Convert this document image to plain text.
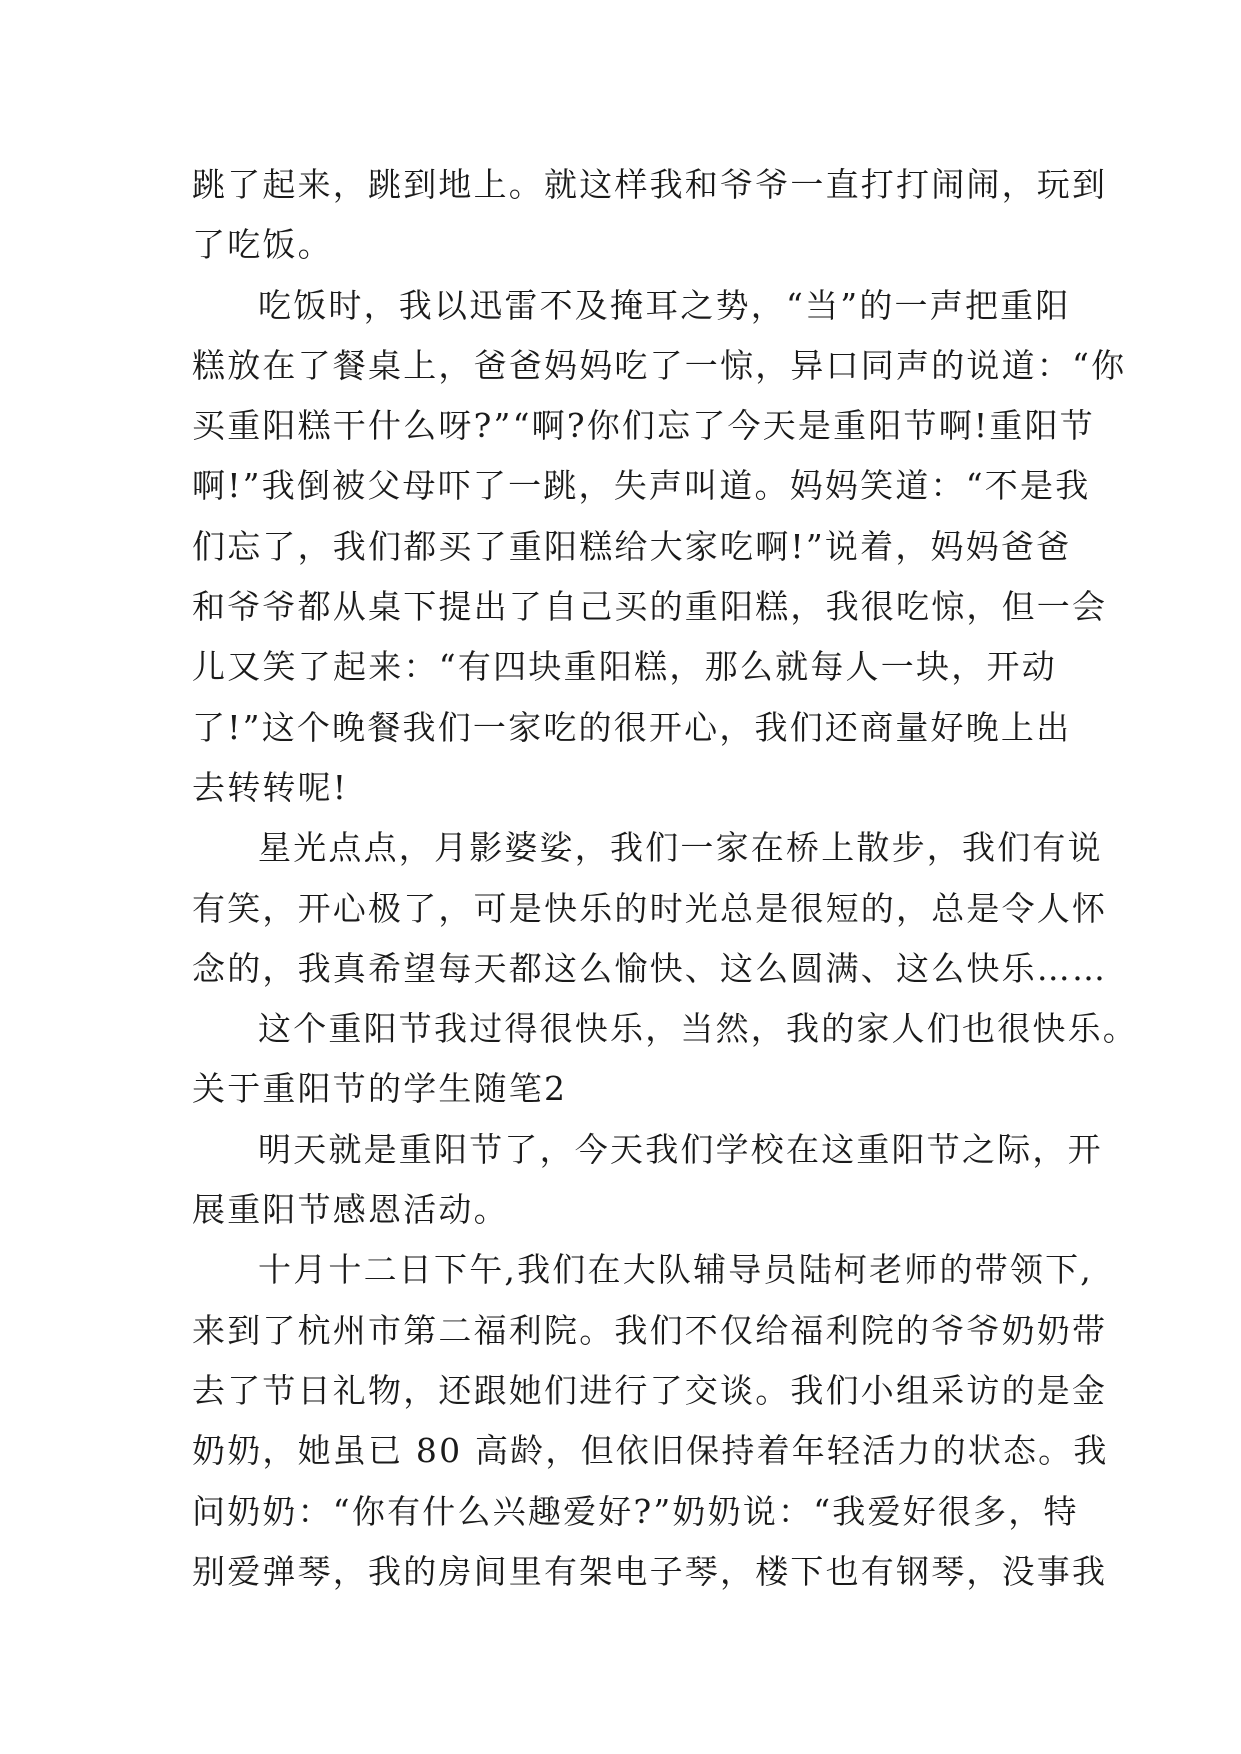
跳了起来，跳到地上。就这样我和爷爷一直打打闹闹，玩到
了吃饭。
吃饭时，我以迅雷不及掩耳之势，“当”的一声把重阳
糕放在了餐桌上，爸爸妈妈吃了一惊，异口同声的说道：“你
买重阳糕干什么呀?”“啊?你们忘了今天是重阳节啊!重阳节
啊!”我倒被父母吓了一跳，失声叫道。妈妈笑道：“不是我
们忘了，我们都买了重阳糕给大家吃啊!”说着，妈妈爸爸
和爷爷都从桌下提出了自己买的重阳糕，我很吃惊，但一会
儿又笑了起来：“有四块重阳糕，那么就每人一块，开动
了!”这个晚餐我们一家吃的很开心，我们还商量好晚上出
去转转呢!
星光点点，月影婆娑，我们一家在桥上散步，我们有说
有笑，开心极了，可是快乐的时光总是很短的，总是令人怀
念的，我真希望每天都这么愉快、这么圆满、这么快乐……
这个重阳节我过得很快乐，当然，我的家人们也很快乐。
关于重阳节的学生随笔2
明天就是重阳节了，今天我们学校在这重阳节之际，开
展重阳节感恩活动。
十月十二日下午,我们在大队辅导员陆柯老师的带领下,
来到了杭州市第二福利院。我们不仅给福利院的爷爷奶奶带
去了节日礼物，还跟她们进行了交谈。我们小组采访的是金
奶奶，她虽已 80 高龄，但依旧保持着年轻活力的状态。我
问奶奶：“你有什么兴趣爱好?”奶奶说：“我爱好很多，特
别爱弹琴，我的房间里有架电子琴，楼下也有钢琴，没事我
